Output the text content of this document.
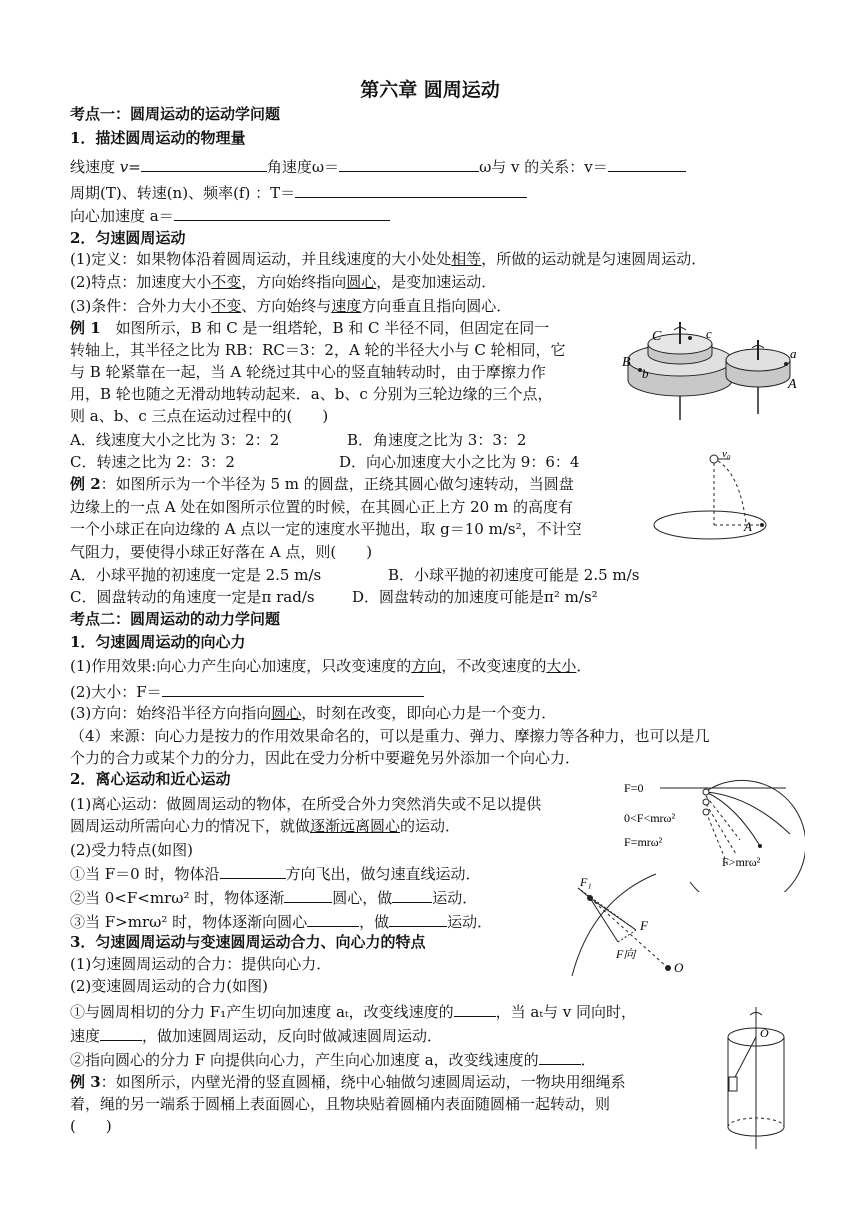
第六章 圆周运动
考点一：圆周运动的运动学问题
1．描述圆周运动的物理量
线速度 v=	角速度ω＝	ω与 v 的关系：v＝
周期(T)、转速(n)、频率(f) ：T＝
向心加速度 a＝
2．匀速圆周运动
(1)定义：如果物体沿着圆周运动，并且线速度的大小处处相等，所做的运动就是匀速圆周运动．
(2)特点：加速度大小不变，方向始终指向圆心，是变加速运动．
(3)条件：合外力大小不变、方向始终与速度方向垂直且指向圆心．
例 1　如图所示，B 和 C 是一组塔轮，B 和 C 半径不同，但固定在同一
转轴上，其半径之比为 RB：RC＝3：2，A 轮的半径大小与 C 轮相同，它
与 B 轮紧靠在一起，当 A 轮绕过其中心的竖直轴转动时，由于摩擦力作
用，B 轮也随之无滑动地转动起来．a、b、c 分别为三轮边缘的三个点，
则 a、b、c 三点在运动过程中的(　　)
A．线速度大小之比为 3：2：2	B．角速度之比为 3：3：2
C．转速之比为 2：3：2	D．向心加速度大小之比为 9：6：4
C	c
B
b
a
A
例 2：如图所示为一个半径为 5 m 的圆盘，正绕其圆心做匀速转动，当圆盘
边缘上的一点 A 处在如图所示位置的时候，在其圆心正上方 20 m 的高度有
一个小球正在向边缘的 A 点以一定的速度水平抛出，取 g＝10 m/s²，不计空
气阻力，要使得小球正好落在 A 点，则(　　)
A．小球平抛的初速度一定是 2.5 m/s	B．小球平抛的初速度可能是 2.5 m/s
C．圆盘转动的角速度一定是π rad/s D．圆盘转动的加速度可能是π² m/s²
v₀
A
考点二：圆周运动的动力学问题
1．匀速圆周运动的向心力
(1)作用效果:向心力产生向心加速度，只改变速度的方向，不改变速度的大小．
(2)大小：F＝
(3)方向：始终沿半径方向指向圆心，时刻在改变，即向心力是一个变力．
（4）来源：向心力是按力的作用效果命名的，可以是重力、弹力、摩擦力等各种力，也可以是几
个力的合力或某个力的分力，因此在受力分析中要避免另外添加一个向心力．
2．离心运动和近心运动
(1)离心运动：做圆周运动的物体，在所受合外力突然消失或不足以提供
圆周运动所需向心力的情况下，就做逐渐远离圆心的运动．
(2)受力特点(如图)
①当 F＝0 时，物体沿	方向飞出，做匀速直线运动．
②当 0<F<mrω² 时，物体逐渐	圆心，做	运动．
③当 F>mrω² 时，物体逐渐向圆心	，做	运动．
F=0
0<F<mrω²
F=mrω²
F>mrω²
3．匀速圆周运动与变速圆周运动合力、向心力的特点
(1)匀速圆周运动的合力：提供向心力．
(2)变速圆周运动的合力(如图)
①与圆周相切的分力 F₁产生切向加速度 aₜ，改变线速度的	，当 aₜ与 v 同向时，
速度	，做加速圆周运动，反向时做减速圆周运动．
②指向圆心的分力 F 向提供向心力，产生向心加速度 a，改变线速度的	．
F₁
F
F向
O
例 3：如图所示，内壁光滑的竖直圆桶，绕中心轴做匀速圆周运动，一物块用细绳系
着，绳的另一端系于圆桶上表面圆心，且物块贴着圆桶内表面随圆桶一起转动，则
(　　)
O
